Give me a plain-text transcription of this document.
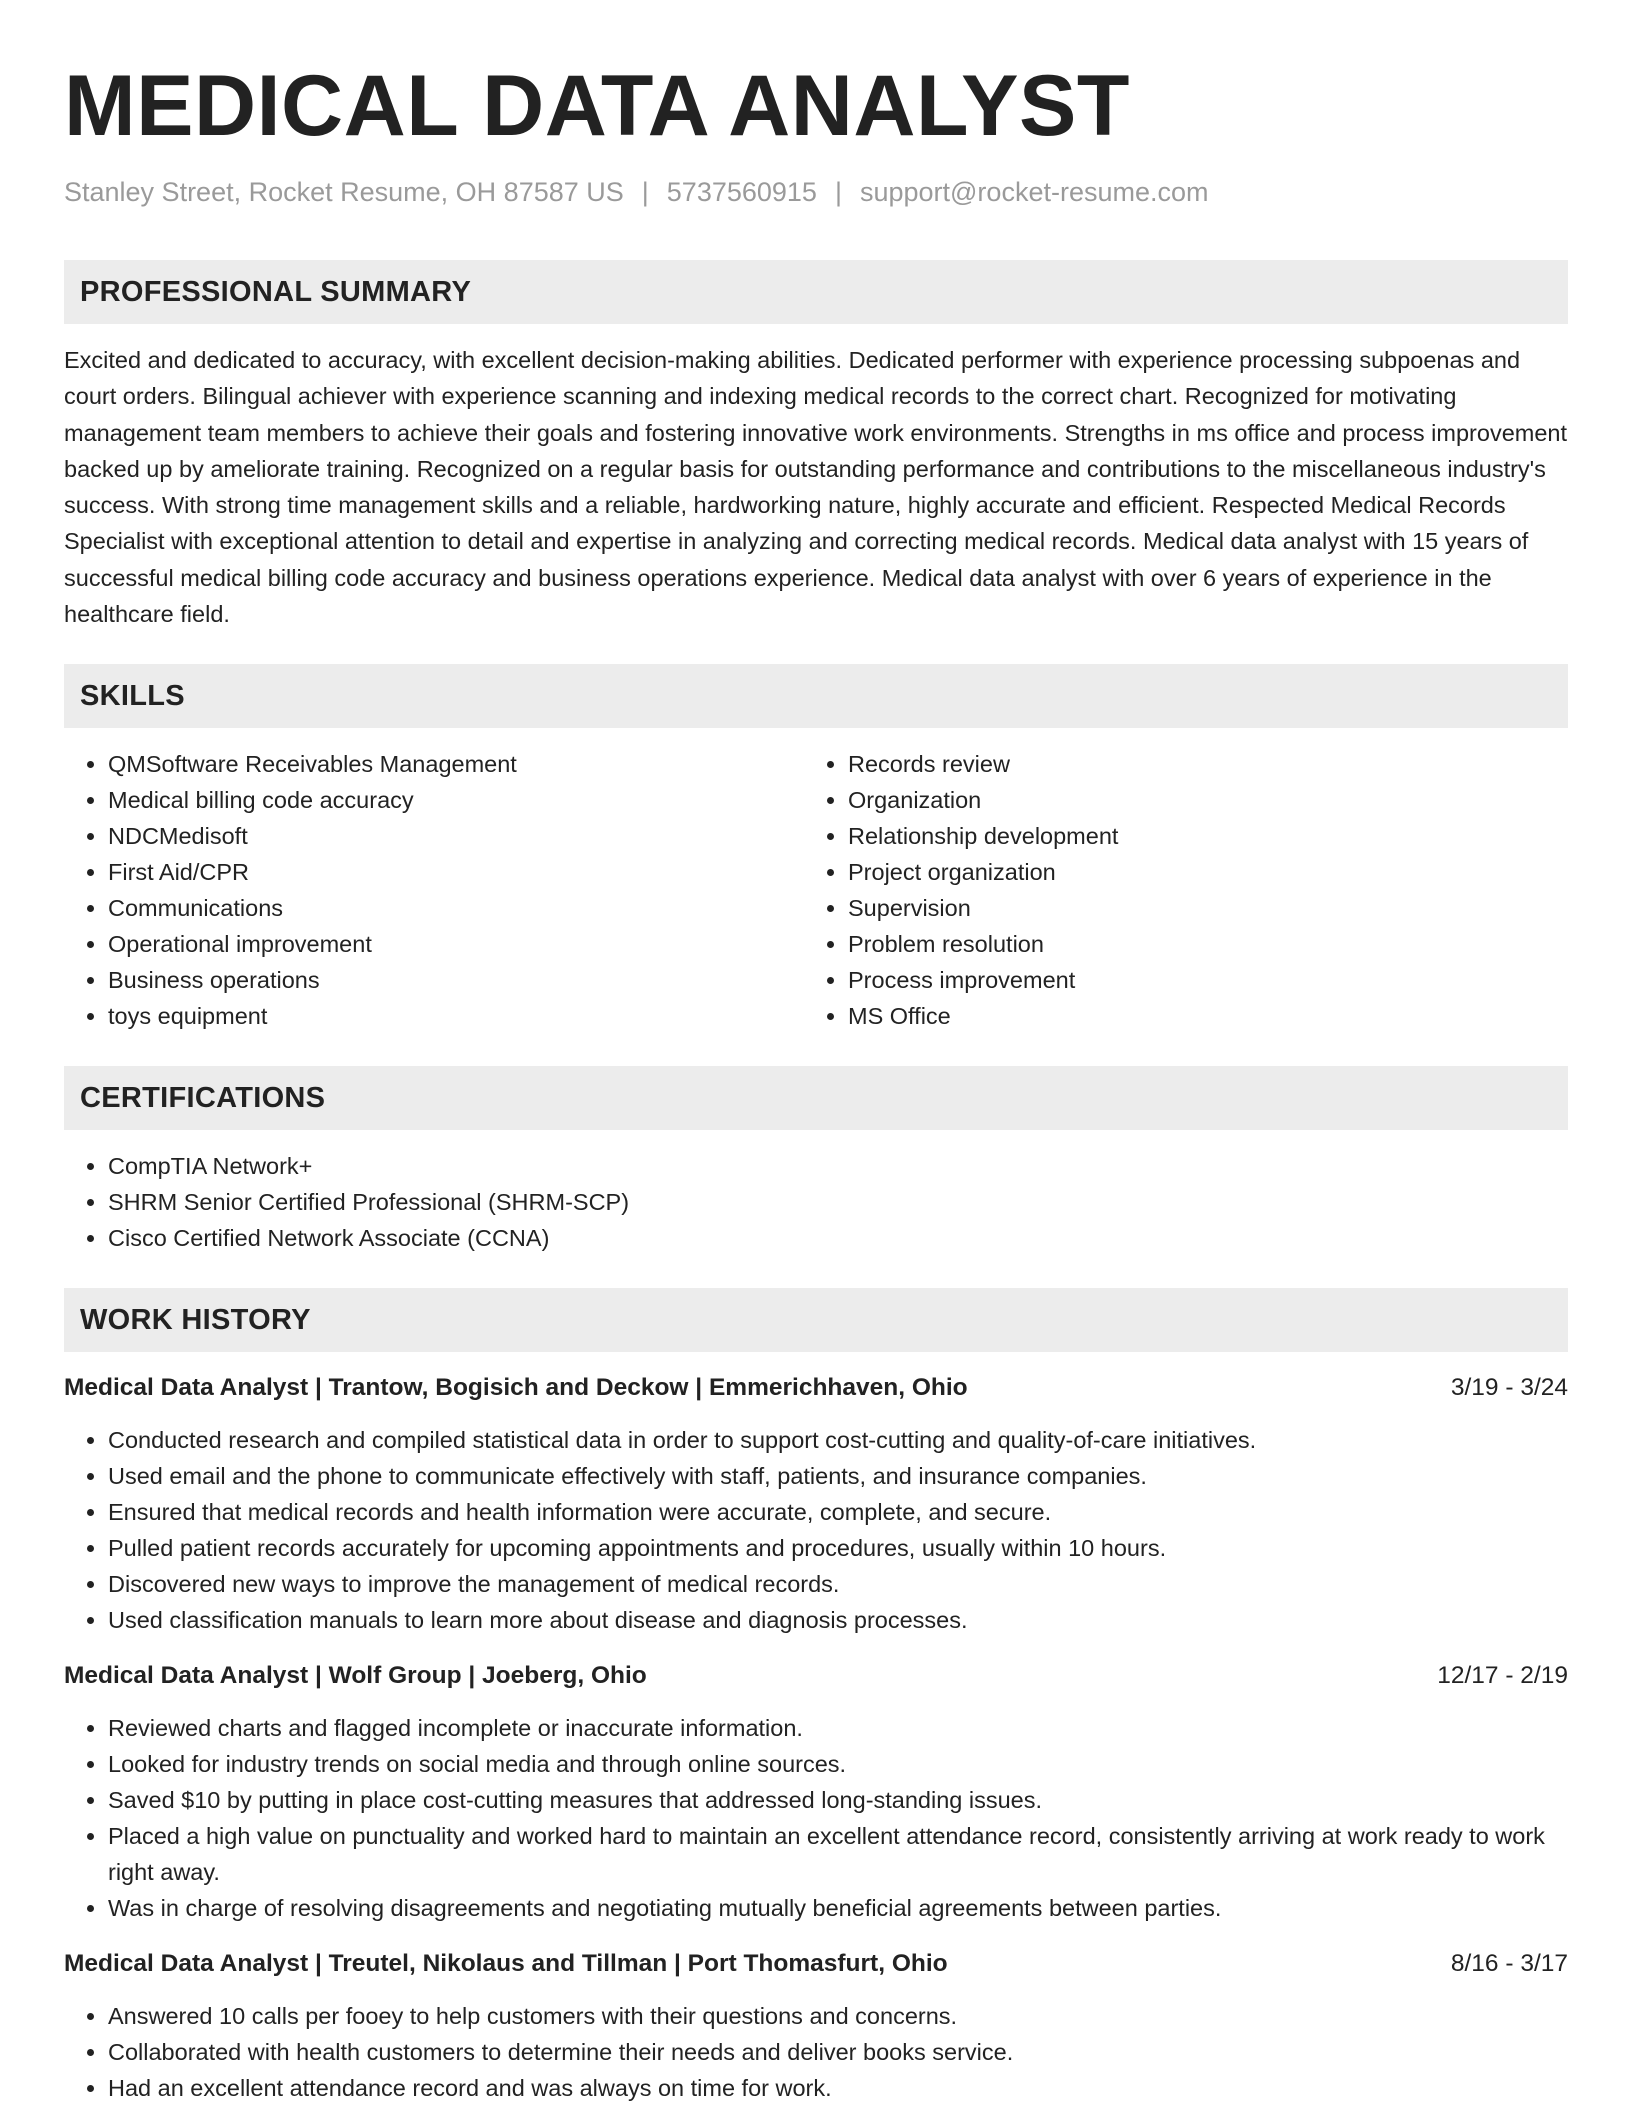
MEDICAL DATA ANALYST
Stanley Street, Rocket Resume, OH 87587 US | 5737560915 | support@rocket-resume.com
PROFESSIONAL SUMMARY

Excited and dedicated to accuracy, with excellent decision-making abilities. Dedicated performer with experience processing subpoenas and court orders. Bilingual achiever with experience scanning and indexing medical records to the correct chart. Recognized for motivating management team members to achieve their goals and fostering innovative work environments. Strengths in ms office and process improvement backed up by ameliorate training. Recognized on a regular basis for outstanding performance and contributions to the miscellaneous industry's success. With strong time management skills and a reliable, hardworking nature, highly accurate and efficient. Respected Medical Records Specialist with exceptional attention to detail and expertise in analyzing and correcting medical records. Medical data analyst with 15 years of successful medical billing code accuracy and business operations experience. Medical data analyst with over 6 years of experience in the healthcare field.

SKILLS
• QMSoftware Receivables Management
• Medical billing code accuracy
• NDCMedisoft
• First Aid/CPR
• Communications
• Operational improvement
• Business operations
• toys equipment
• Records review
• Organization
• Relationship development
• Project organization
• Supervision
• Problem resolution
• Process improvement
• MS Office
CERTIFICATIONS
• CompTIA Network+
• SHRM Senior Certified Professional (SHRM-SCP)
• Cisco Certified Network Associate (CCNA)
WORK HISTORY
Medical Data Analyst | Trantow, Bogisich and Deckow | Emmerichhaven, Ohio	3/19 - 3/24
• Conducted research and compiled statistical data in order to support cost-cutting and quality-of-care initiatives.
• Used email and the phone to communicate effectively with staff, patients, and insurance companies.
• Ensured that medical records and health information were accurate, complete, and secure.
• Pulled patient records accurately for upcoming appointments and procedures, usually within 10 hours.
• Discovered new ways to improve the management of medical records.
• Used classification manuals to learn more about disease and diagnosis processes.
Medical Data Analyst | Wolf Group | Joeberg, Ohio	12/17 - 2/19
• Reviewed charts and flagged incomplete or inaccurate information.
• Looked for industry trends on social media and through online sources.
• Saved $10 by putting in place cost-cutting measures that addressed long-standing issues.
• Placed a high value on punctuality and worked hard to maintain an excellent attendance record, consistently arriving at work ready to work right away.
• Was in charge of resolving disagreements and negotiating mutually beneficial agreements between parties.
Medical Data Analyst | Treutel, Nikolaus and Tillman | Port Thomasfurt, Ohio	8/16 - 3/17
• Answered 10 calls per fooey to help customers with their questions and concerns.
• Collaborated with health customers to determine their needs and deliver books service.
• Had an excellent attendance record and was always on time for work.
